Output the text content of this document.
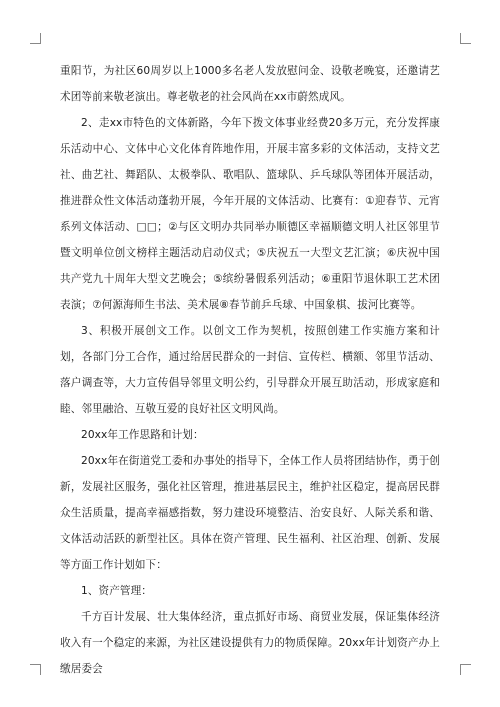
重阳节，为社区60周岁以上1000多名老人发放慰问金、设敬老晚宴，还邀请艺术团等前来敬老演出。尊老敬老的社会风尚在xx市蔚然成风。

2、走xx市特色的文体新路，今年下拨文体事业经费20多万元，充分发挥康乐活动中心、文体中心文化体育阵地作用，开展丰富多彩的文体活动，支持文艺社、曲艺社、舞蹈队、太极拳队、歌唱队、篮球队、乒乓球队等团体开展活动，推进群众性文体活动蓬勃开展，今年开展的文体活动、比赛有：①迎春节、元宵系列文体活动、□□；②与区文明办共同举办顺德区幸福顺德文明人社区邻里节暨文明单位创文榜样主题活动启动仪式；⑤庆祝五一大型文艺汇演；⑥庆祝中国共产党九十周年大型文艺晚会；⑤缤纷暑假系列活动；⑥重阳节退休职工艺术团表演；⑦何源海师生书法、美术展⑧春节前乒乓球、中国象棋、拔河比赛等。

3、积极开展创文工作。以创文工作为契机，按照创建工作实施方案和计划，各部门分工合作，通过给居民群众的一封信、宣传栏、横额、邻里节活动、落户调查等，大力宣传倡导邻里文明公约，引导群众开展互助活动，形成家庭和睦、邻里融洽、互敬互爱的良好社区文明风尚。

20xx年工作思路和计划：

20xx年在街道党工委和办事处的指导下，全体工作人员将团结协作，勇于创新，发展社区服务，强化社区管理，推进基层民主，维护社区稳定，提高居民群众生活质量，提高幸福感指数，努力建设环境整洁、治安良好、人际关系和谐、文体活动活跃的新型社区。具体在资产管理、民生福利、社区治理、创新、发展等方面工作计划如下：

1、资产管理：

千方百计发展、壮大集体经济，重点抓好市场、商贸业发展，保证集体经济收入有一个稳定的来源，为社区建设提供有力的物质保障。20xx年计划资产办上缴居委会
